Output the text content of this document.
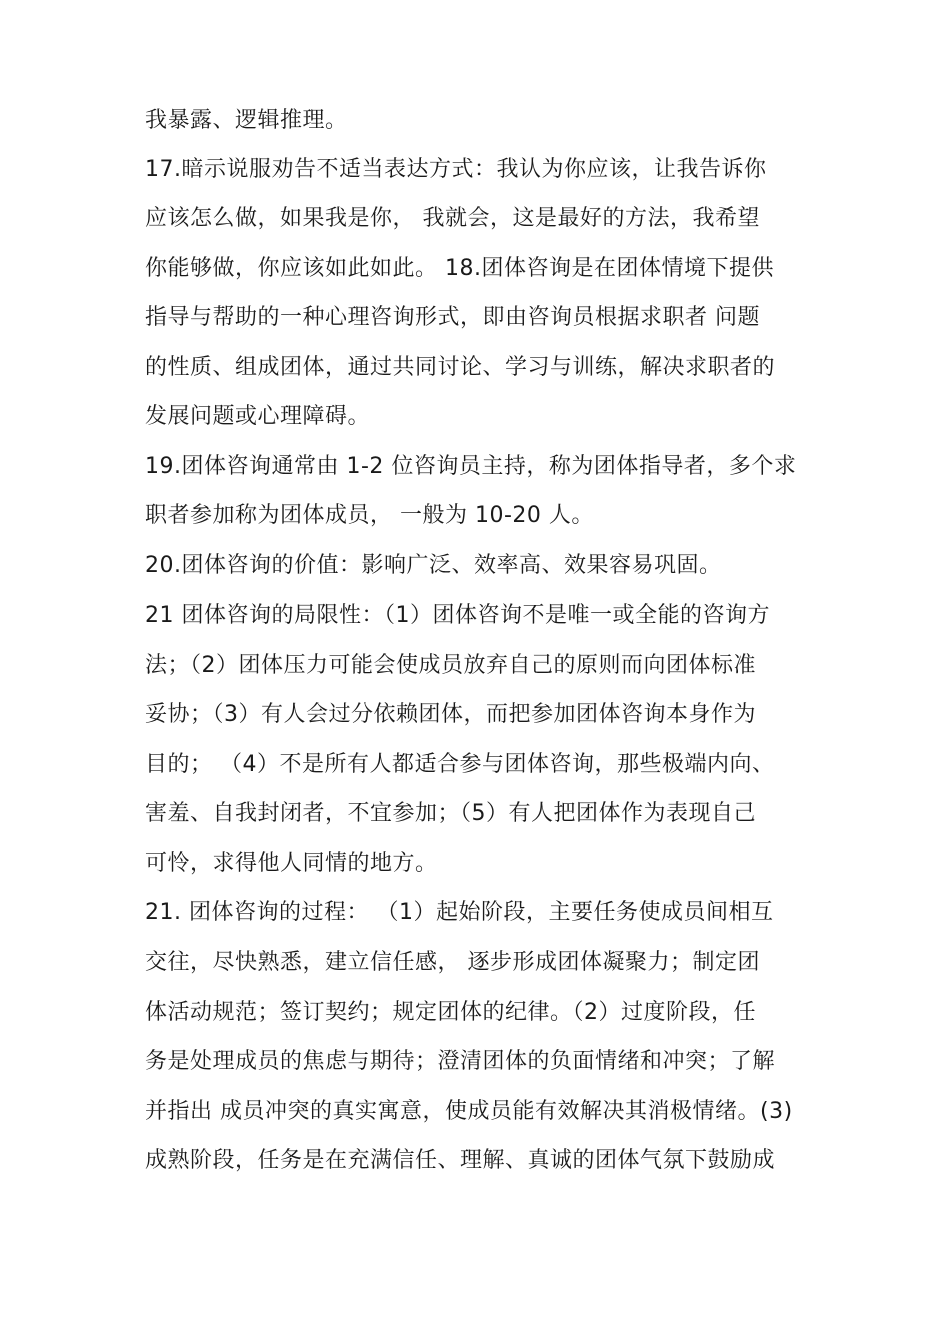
我暴露、逻辑推理。
17.暗示说服劝告不适当表达方式：我认为你应该，让我告诉你
应该怎么做，如果我是你， 我就会，这是最好的方法，我希望
你能够做，你应该如此如此。 18.团体咨询是在团体情境下提供
指导与帮助的一种心理咨询形式，即由咨询员根据求职者 问题
的性质、组成团体，通过共同讨论、学习与训练，解决求职者的
发展问题或心理障碍。
19.团体咨询通常由 1-2 位咨询员主持，称为团体指导者，多个求
职者参加称为团体成员， 一般为 10-20 人。
20.团体咨询的价值：影响广泛、效率高、效果容易巩固。
21 团体咨询的局限性：（1）团体咨询不是唯一或全能的咨询方
法；（2）团体压力可能会使成员放弃自己的原则而向团体标准
妥协；（3）有人会过分依赖团体，而把参加团体咨询本身作为
目的； （4）不是所有人都适合参与团体咨询，那些极端内向、
害羞、自我封闭者，不宜参加；（5）有人把团体作为表现自己
可怜，求得他人同情的地方。
21. 团体咨询的过程： （1）起始阶段，主要任务使成员间相互
交往，尽快熟悉，建立信任感， 逐步形成团体凝聚力；制定团
体活动规范；签订契约；规定团体的纪律。（2）过度阶段，任
务是处理成员的焦虑与期待；澄清团体的负面情绪和冲突；了解
并指出 成员冲突的真实寓意，使成员能有效解决其消极情绪。(3)
成熟阶段，任务是在充满信任、理解、真诚的团体气氛下鼓励成
